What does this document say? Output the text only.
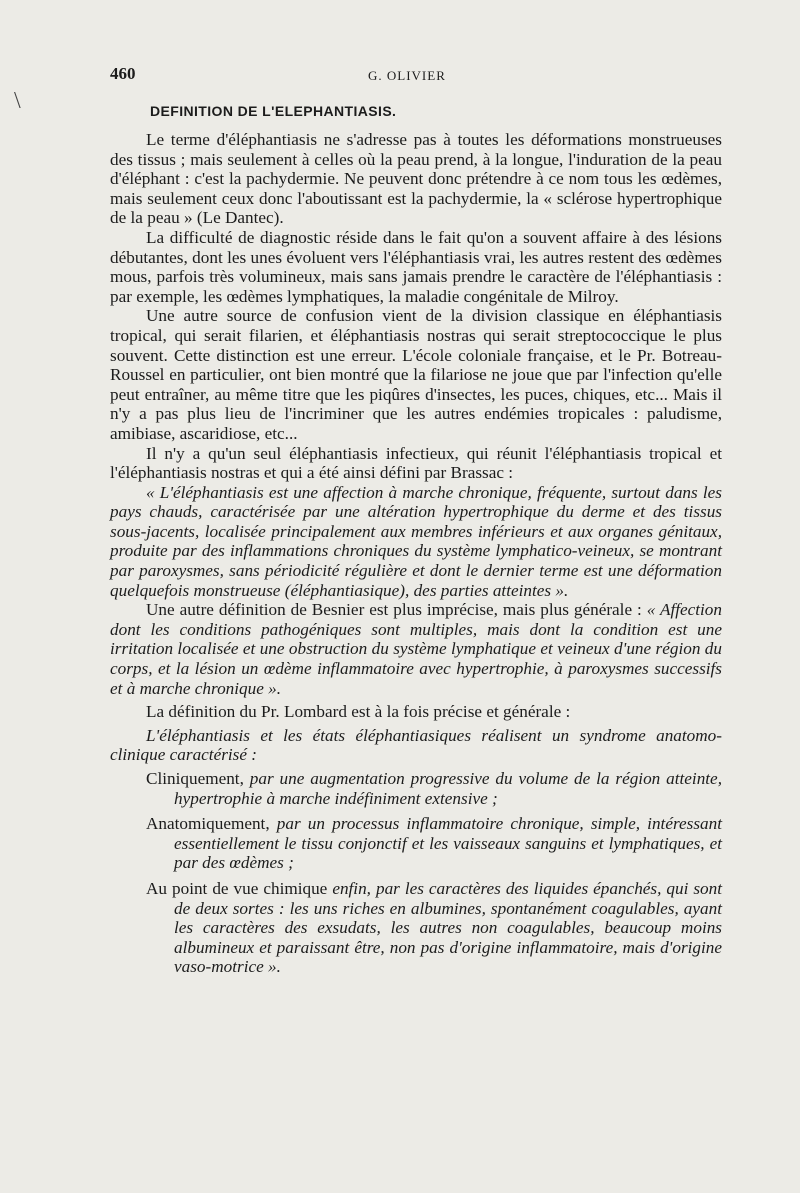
460	G. OLIVIER
DEFINITION DE L'ELEPHANTIASIS.

Le terme d'éléphantiasis ne s'adresse pas à toutes les déformations monstrueuses des tissus ; mais seulement à celles où la peau prend, à la longue, l'induration de la peau d'éléphant : c'est la pachydermie. Ne peuvent donc prétendre à ce nom tous les œdèmes, mais seulement ceux donc l'aboutissant est la pachydermie, la « sclérose hypertrophique de la peau » (Le Dantec).

La difficulté de diagnostic réside dans le fait qu'on a souvent affaire à des lésions débutantes, dont les unes évoluent vers l'éléphantiasis vrai, les autres restent des œdèmes mous, parfois très volumineux, mais sans jamais prendre le caractère de l'éléphantiasis : par exemple, les œdèmes lymphatiques, la maladie congénitale de Milroy.

Une autre source de confusion vient de la division classique en éléphantiasis tropical, qui serait filarien, et éléphantiasis nostras qui serait streptococcique le plus souvent. Cette distinction est une erreur. L'école coloniale française, et le Pr. Botreau-Roussel en particulier, ont bien montré que la filariose ne joue que par l'infection qu'elle peut entraîner, au même titre que les piqûres d'insectes, les puces, chiques, etc... Mais il n'y a pas plus lieu de l'incriminer que les autres endémies tropicales : paludisme, amibiase, ascaridiose, etc...

Il n'y a qu'un seul éléphantiasis infectieux, qui réunit l'éléphantiasis tropical et l'éléphantiasis nostras et qui a été ainsi défini par Brassac :

« L'éléphantiasis est une affection à marche chronique, fréquente, surtout dans les pays chauds, caractérisée par une altération hypertrophique du derme et des tissus sous-jacents, localisée principalement aux membres inférieurs et aux organes génitaux, produite par des inflammations chroniques du système lymphatico-veineux, se montrant par paroxysmes, sans périodicité régulière et dont le dernier terme est une déformation quelquefois monstrueuse (éléphantiasique), des parties atteintes ».

Une autre définition de Besnier est plus imprécise, mais plus générale : « Affection dont les conditions pathogéniques sont multiples, mais dont la condition est une irritation localisée et une obstruction du système lymphatique et veineux d'une région du corps, et la lésion un œdème inflammatoire avec hypertrophie, à paroxysmes successifs et à marche chronique ».

La définition du Pr. Lombard est à la fois précise et générale :

L'éléphantiasis et les états éléphantiasiques réalisent un syndrome anatomo-clinique caractérisé :

Cliniquement, par une augmentation progressive du volume de la région atteinte, hypertrophie à marche indéfiniment extensive ;

Anatomiquement, par un processus inflammatoire chronique, simple, intéressant essentiellement le tissu conjonctif et les vaisseaux sanguins et lymphatiques, et par des œdèmes ;

Au point de vue chimique enfin, par les caractères des liquides épanchés, qui sont de deux sortes : les uns riches en albumines, spontanément coagulables, ayant les caractères des exsudats, les autres non coagulables, beaucoup moins albumineux et paraissant être, non pas d'origine inflammatoire, mais d'origine vaso-motrice ».

\
